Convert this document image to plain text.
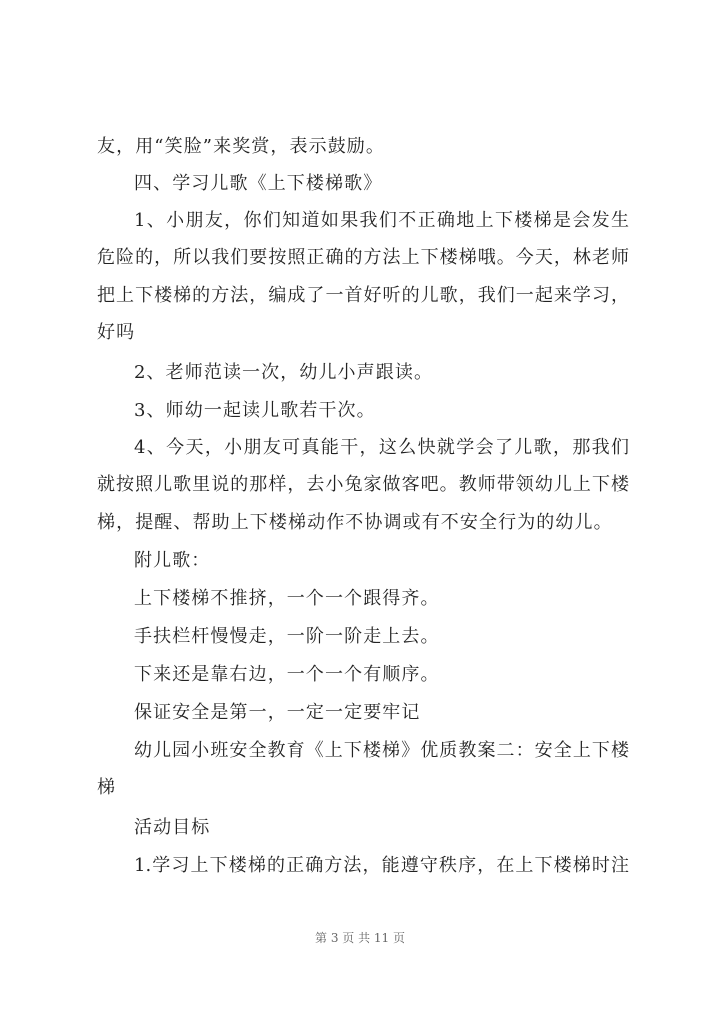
友，用“笑脸”来奖赏，表示鼓励。
四、学习儿歌《上下楼梯歌》
1、小朋友，你们知道如果我们不正确地上下楼梯是会发生
危险的，所以我们要按照正确的方法上下楼梯哦。今天，林老师
把上下楼梯的方法，编成了一首好听的儿歌，我们一起来学习，
好吗
2、老师范读一次，幼儿小声跟读。
3、师幼一起读儿歌若干次。
4、今天，小朋友可真能干，这么快就学会了儿歌，那我们
就按照儿歌里说的那样，去小兔家做客吧。教师带领幼儿上下楼
梯，提醒、帮助上下楼梯动作不协调或有不安全行为的幼儿。
附儿歌：
上下楼梯不推挤，一个一个跟得齐。
手扶栏杆慢慢走，一阶一阶走上去。
下来还是靠右边，一个一个有顺序。
保证安全是第一，一定一定要牢记
幼儿园小班安全教育《上下楼梯》优质教案二：安全上下楼
梯
活动目标
1.学习上下楼梯的正确方法，能遵守秩序，在上下楼梯时注
第 3 页 共 11 页
